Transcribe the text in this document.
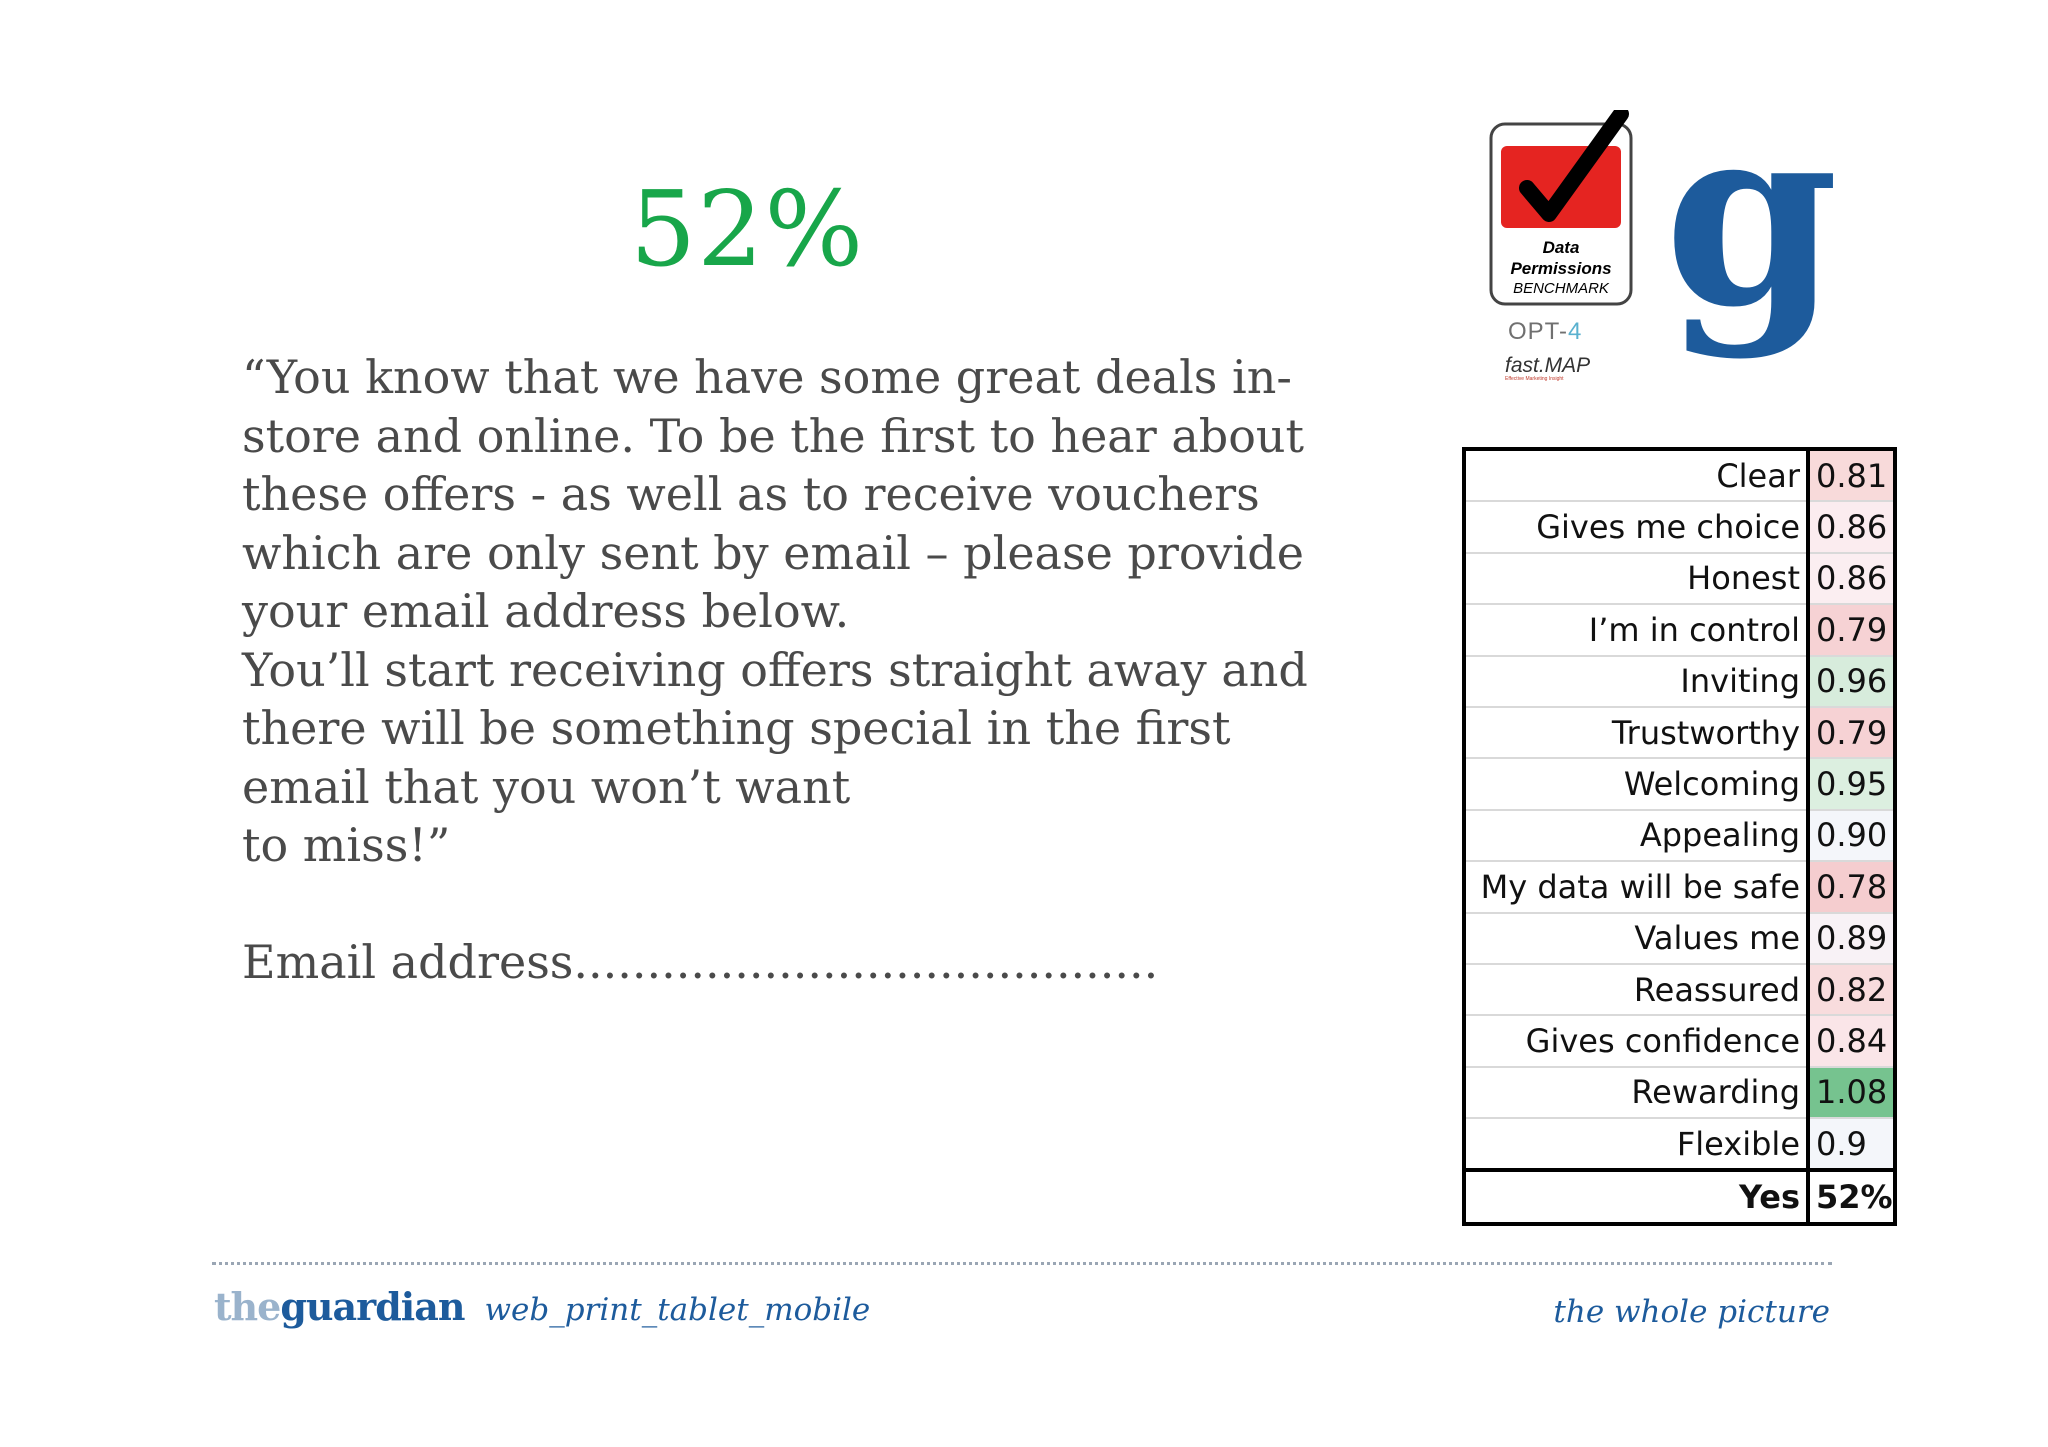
52%

“You know that we have some great deals in-store and online. To be the first to hear about these offers - as well as to receive vouchers which are only sent by email – please provide your email address below.

You’ll start receiving offers straight away and there will be something special in the first email that you won’t want

to miss!”

Email address........................................
Data
Permissions
BENCHMARK
OPT-4
fast.MAP
Effective Marketing Insight
g
Clear	0.81
Gives me choice	0.86
Honest	0.86
I’m in control	0.79
Inviting	0.96
Trustworthy	0.79
Welcoming	0.95
Appealing	0.90
My data will be safe	0.78
Values me	0.89
Reassured	0.82
Gives confidence	0.84
Rewarding	1.08
Flexible	0.9
Yes	52%
theguardian web_print_tablet_mobile	the whole picture
